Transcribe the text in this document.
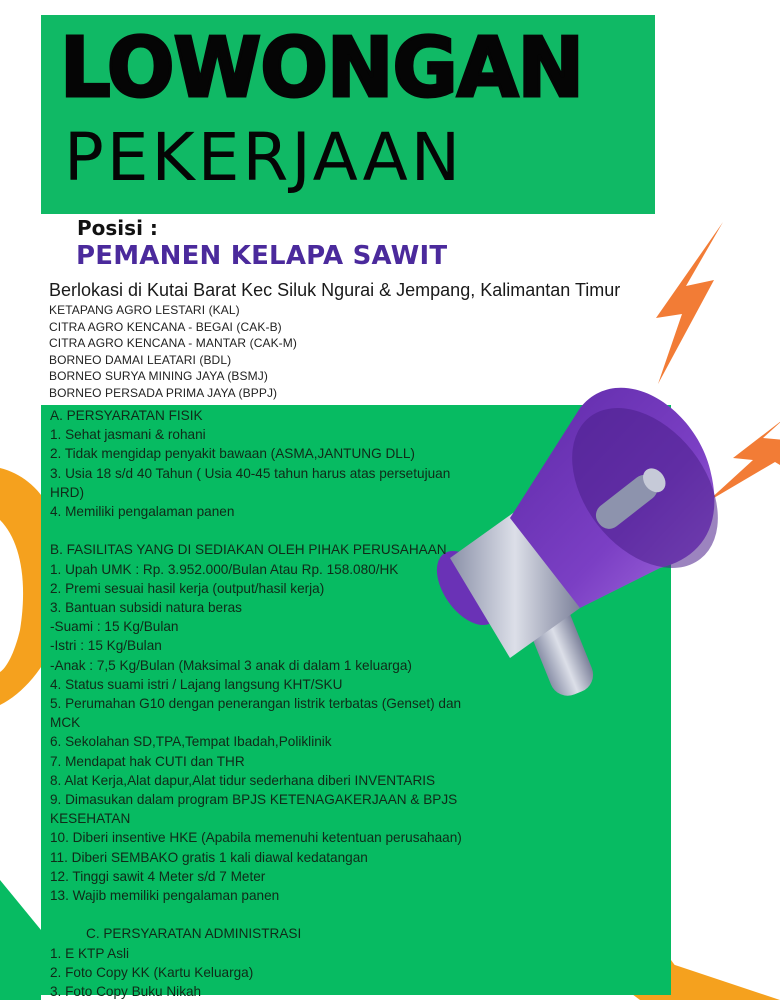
LOWONGAN
PEKERJAAN
Posisi :
PEMANEN KELAPA SAWIT
Berlokasi di Kutai Barat Kec Siluk Ngurai & Jempang, Kalimantan Timur
KETAPANG AGRO LESTARI (KAL)
CITRA AGRO KENCANA - BEGAI (CAK-B)
CITRA AGRO KENCANA - MANTAR (CAK-M)
BORNEO DAMAI LEATARI (BDL)
BORNEO SURYA MINING JAYA (BSMJ)
BORNEO PERSADA PRIMA JAYA (BPPJ)
A. PERSYARATAN FISIK
1. Sehat jasmani & rohani
2. Tidak mengidap penyakit bawaan (ASMA,JANTUNG DLL)
3. Usia 18 s/d 40 Tahun ( Usia 40-45 tahun harus atas persetujuan
HRD)
4. Memiliki pengalaman panen
B. FASILITAS YANG DI SEDIAKAN OLEH PIHAK PERUSAHAAN
1. Upah UMK : Rp. 3.952.000/Bulan Atau Rp. 158.080/HK
2. Premi sesuai hasil kerja (output/hasil kerja)
3. Bantuan subsidi natura beras
-Suami : 15 Kg/Bulan
-Istri : 15 Kg/Bulan
-Anak : 7,5 Kg/Bulan (Maksimal 3 anak di dalam 1 keluarga)
4. Status suami istri / Lajang langsung KHT/SKU
5. Perumahan G10 dengan penerangan listrik terbatas (Genset) dan
MCK
6. Sekolahan SD,TPA,Tempat Ibadah,Poliklinik
7. Mendapat hak CUTI dan THR
8. Alat Kerja,Alat dapur,Alat tidur sederhana diberi INVENTARIS
9. Dimasukan dalam program BPJS KETENAGAKERJAAN & BPJS
KESEHATAN
10. Diberi insentive HKE (Apabila memenuhi ketentuan perusahaan)
11. Diberi SEMBAKO gratis 1 kali diawal kedatangan
12. Tinggi sawit 4 Meter s/d 7 Meter
13. Wajib memiliki pengalaman panen
C. PERSYARATAN ADMINISTRASI
1. E KTP Asli
2. Foto Copy KK (Kartu Keluarga)
3. Foto Copy Buku Nikah
